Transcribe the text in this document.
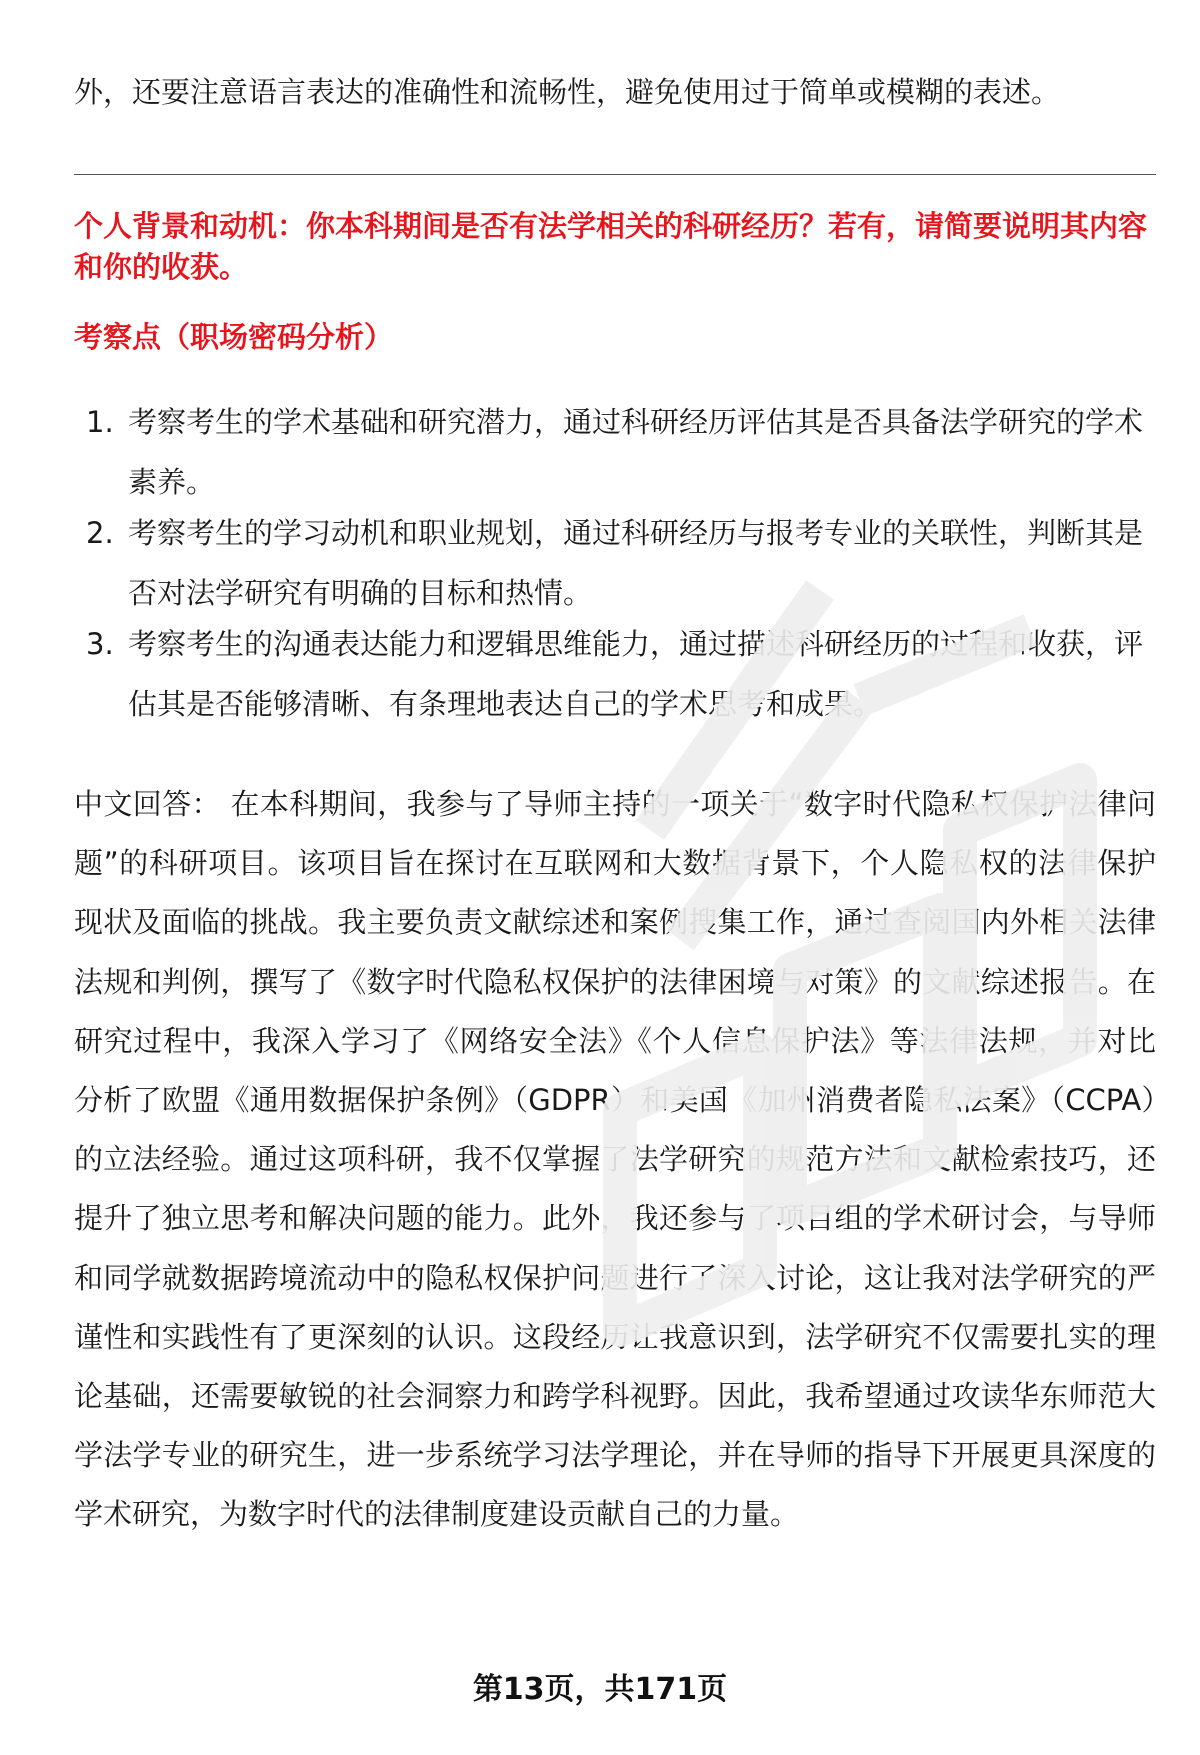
外，还要注意语言表达的准确性和流畅性，避免使用过于简单或模糊的表述。
个人背景和动机：你本科期间是否有法学相关的科研经历？若有，请简要说明其内容和你的收获。
考察点（职场密码分析）
1. 考察考生的学术基础和研究潜力，通过科研经历评估其是否具备法学研究的学术素养。
2. 考察考生的学习动机和职业规划，通过科研经历与报考专业的关联性，判断其是否对法学研究有明确的目标和热情。
3. 考察考生的沟通表达能力和逻辑思维能力，通过描述科研经历的过程和收获，评估其是否能够清晰、有条理地表达自己的学术思考和成果。
中文回答： 在本科期间，我参与了导师主持的一项关于“数字时代隐私权保护法律问题”的科研项目。该项目旨在探讨在互联网和大数据背景下，个人隐私权的法律保护现状及面临的挑战。我主要负责文献综述和案例搜集工作，通过查阅国内外相关法律法规和判例，撰写了《数字时代隐私权保护的法律困境与对策》的文献综述报告。在研究过程中，我深入学习了《网络安全法》《个人信息保护法》等法律法规，并对比分析了欧盟《通用数据保护条例》（GDPR）和美国《加州消费者隐私法案》（CCPA）的立法经验。通过这项科研，我不仅掌握了法学研究的规范方法和文献检索技巧，还提升了独立思考和解决问题的能力。此外，我还参与了项目组的学术研讨会，与导师和同学就数据跨境流动中的隐私权保护问题进行了深入讨论，这让我对法学研究的严谨性和实践性有了更深刻的认识。这段经历让我意识到，法学研究不仅需要扎实的理论基础，还需要敏锐的社会洞察力和跨学科视野。因此，我希望通过攻读华东师范大学法学专业的研究生，进一步系统学习法学理论，并在导师的指导下开展更具深度的学术研究，为数字时代的法律制度建设贡献自己的力量。
第13页，共171页
